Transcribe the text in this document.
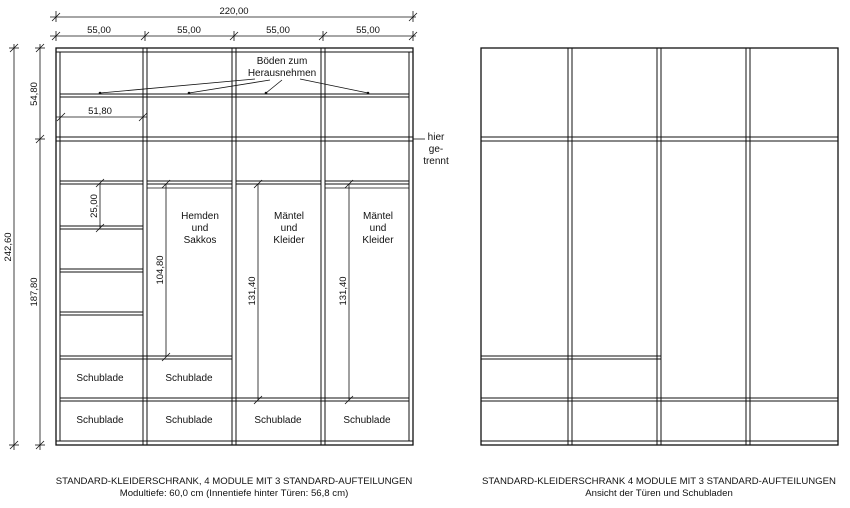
220,00
55,00	55,00	55,00	55,00
242,60
54,80
187,80
51,80
Böden zum
Herausnehmen
hier
ge-
trennt
25,00	Hemden
und
Sakkos
104,80
Mäntel
und
Kleider
131,40
Mäntel
und
Kleider
131,40
Schublade	Schublade
Schublade	Schublade	Schublade	Schublade
STANDARD-KLEIDERSCHRANK, 4 MODULE MIT 3 STANDARD-AUFTEILUNGEN
Modultiefe: 60,0 cm (Innentiefe hinter Türen: 56,8 cm)
STANDARD-KLEIDERSCHRANK 4 MODULE MIT 3 STANDARD-AUFTEILUNGEN
Ansicht der Türen und Schubladen
